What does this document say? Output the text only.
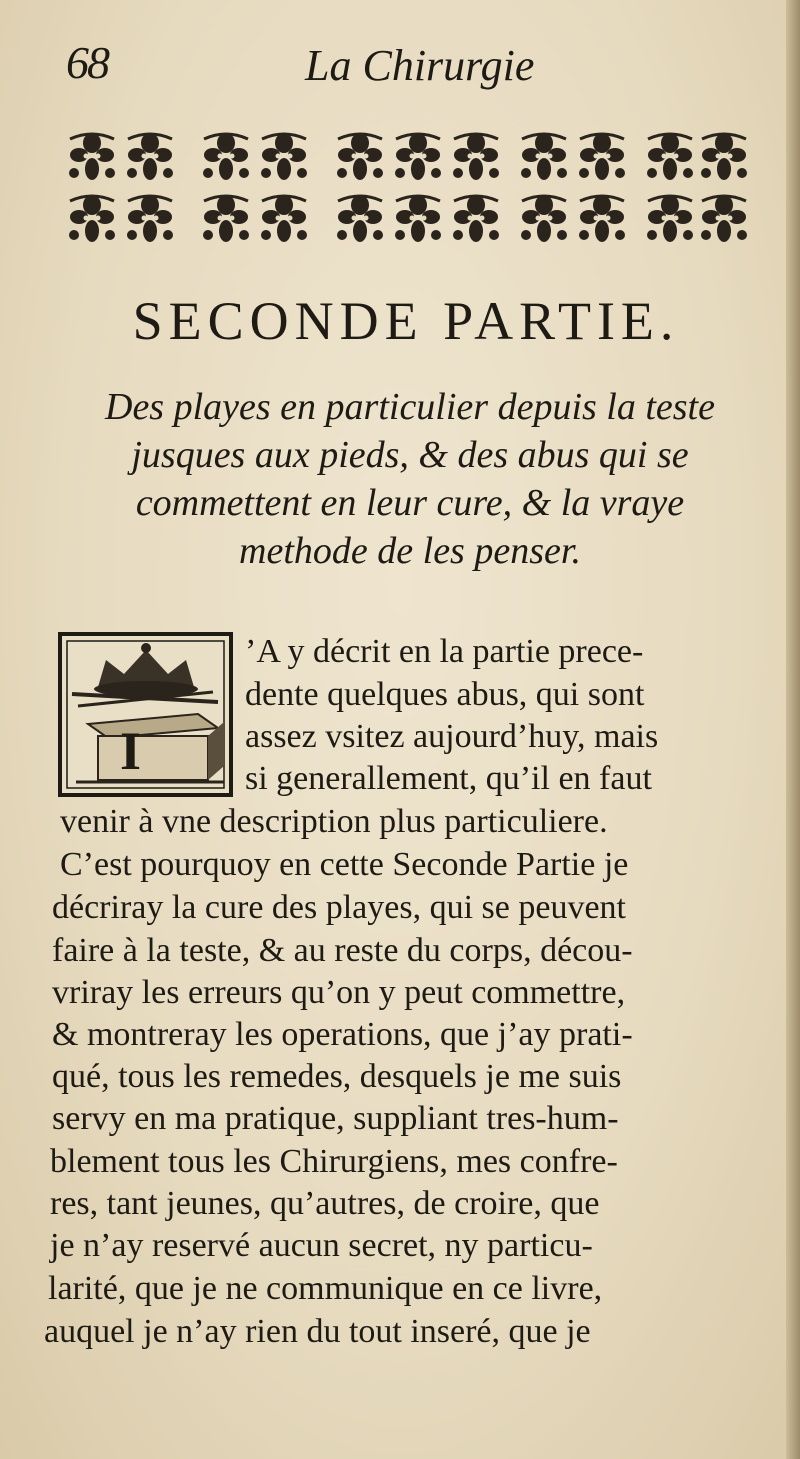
68	La Chirurgie
SECONDE PARTIE.
Des playes en particulier depuis la teste
jusques aux pieds, & des abus qui se
commettent en leur cure, & la vraye
methode de les penser.
I
’A y décrit en la partie prece-
dente quelques abus, qui sont
assez vsitez aujourd’huy, mais
si generallement, qu’il en faut
venir à vne description plus particuliere.
C’est pourquoy en cette Seconde Partie je
décriray la cure des playes, qui se peuvent
faire à la teste, & au reste du corps, décou-
vriray les erreurs qu’on y peut commettre,
& montreray les operations, que j’ay prati-
qué, tous les remedes, desquels je me suis
servy en ma pratique, suppliant tres-hum-
blement tous les Chirurgiens, mes confre-
res, tant jeunes, qu’autres, de croire, que
je n’ay reservé aucun secret, ny particu-
larité, que je ne communique en ce livre,
auquel je n’ay rien du tout inseré, que je
